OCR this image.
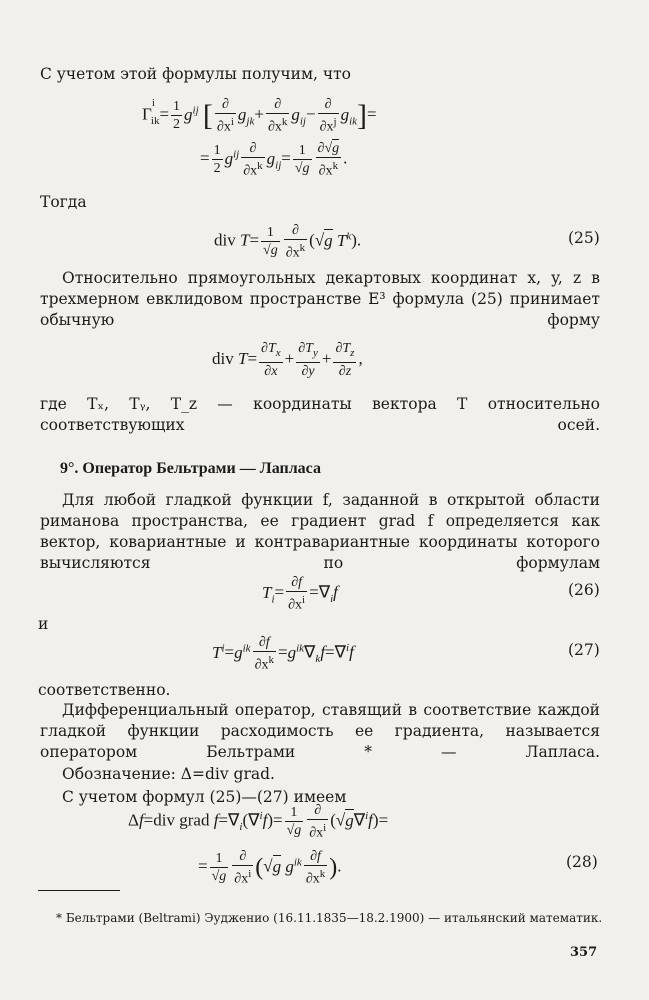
С учетом этой формулы получим, что

$\Gamma^i_{ik}= \frac{1}{2} g^{ij}$ [ $\frac{\partial}{\partial x^i} g_{jk}+ \frac{\partial}{\partial x^k} g_{ij}- \frac{\partial}{\partial x^j} g_{ik}]=$
= $\frac{1}{2} g^{ij} \frac{\partial}{\partial x^k} g_{ij}= \frac{1}{√g} \frac{\partial√g}{\partial x^k}$ .

Тогда

div $T= \frac{1}{√g} \frac{\partial}{\partial x^k} (√g$ $T^k$).	(25)

Относительно прямоугольных декартовых координат x, y, z в трехмерном евклидовом пространстве E³ формула (25) принимает обычную форму

div $T= \frac{\partial T_x}{\partial x} + \frac{\partial T_y}{\partial y} + \frac{\partial T_z}{\partial z}$ ,

где Tₓ, Tᵧ, T_z — координаты вектора T относительно соответствующих осей.

9°. Оператор Бельтрами — Лапласа

Для любой гладкой функции f, заданной в открытой области риманова пространства, ее градиент grad f определяется как вектор, ковариантные и контравариантные координаты которого вычисляются по формулам

$T_i= \frac{\partial f}{\partial x^i} =\nabla_if$	(26)

и

$T^i=g^{ik} \frac{\partial f}{\partial x^k} =g^{ik}\nabla_kf=\nabla^if$	(27)

соответственно.

Дифференциальный оператор, ставящий в соответствие каждой гладкой функции расходимость ее градиента, называется оператором Бельтрами * — Лапласа.

Обозначение: Δ=div grad.

С учетом формул (25)—(27) имеем

Δf=div grad $f=\nabla_i(\nabla^if)= \frac{1}{√g} \frac{\partial}{\partial x^i} (√g\nabla^if)=$
= $\frac{1}{√g} \frac{\partial}{\partial x^i} (√g$ $g^{ik} \frac{\partial f}{\partial x^k}$ ).	(28)

* Бельтрами (Beltrami) Эудженио (16.11.1835—18.2.1900) — итальянский математик.

357
